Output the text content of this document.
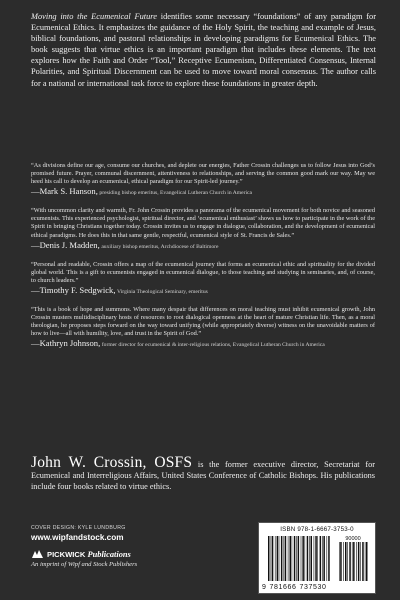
Moving into the Ecumenical Future identifies some necessary “foundations” of any paradigm for Ecumenical Ethics. It emphasizes the guidance of the Holy Spirit, the teaching and example of Jesus, biblical foundations, and pastoral relationships in developing paradigms for Ecumenical Ethics. The book suggests that virtue ethics is an important paradigm that includes these elements. The text explores how the Faith and Order “Tool,” Receptive Ecumenism, Differentiated Consensus, Internal Polarities, and Spiritual Discernment can be used to move toward moral consensus. The author calls for a national or international task force to explore these foundations in greater depth.

“As divisions define our age, consume our churches, and deplete our energies, Father Crossin challenges us to follow Jesus into God’s promised future. Prayer, communal discernment, attentiveness to relationships, and serving the common good mark our way. May we heed his call to develop an ecumenical, ethical paradigm for our Spirit-led journey.”

—Mark S. Hanson, presiding bishop emeritus, Evangelical Lutheran Church in America

“With uncommon clarity and warmth, Fr. John Crossin provides a panorama of the ecumenical movement for both novice and seasoned ecumenists. This experienced psychologist, spiritual director, and ‘ecumenical enthusiast’ shows us how to participate in the work of the Spirit in bringing Christians together today. Crossin invites us to engage in dialogue, collaboration, and the development of ecumenical ethical paradigms. He does this in that same gentle, respectful, ecumenical style of St. Francis de Sales.”

—Denis J. Madden, auxiliary bishop emeritus, Archdiocese of Baltimore

“Personal and readable, Crossin offers a map of the ecumenical journey that forms an ecumenical ethic and spirituality for the divided global world. This is a gift to ecumenists engaged in ecumenical dialogue, to those teaching and studying in seminaries, and, of course, to church leaders.”

—Timothy F. Sedgwick, Virginia Theological Seminary, emeritus

“This is a book of hope and summons. Where many despair that differences on moral teaching must inhibit ecumenical growth, John Crossin musters multidisciplinary hosts of resources to root dialogical openness at the heart of mature Christian life. Then, as a moral theologian, he proposes steps forward on the way toward unifying (while appropriately diverse) witness on the unavoidable matters of how to live—all with humility, love, and trust in the Spirit of God.”

—Kathryn Johnson, former director for ecumenical & inter-religious relations, Evangelical Lutheran Church in America

John W. Crossin, OSFS is the former executive director, Secretariat for Ecumenical and Interreligious Affairs, United States Conference of Catholic Bishops. His publications include four books related to virtue ethics.

COVER DESIGN: KYLE LUNDBURG
www.wipfandstock.com
PICKWICK
Publications
An imprint of Wipf and Stock Publishers
ISBN 978-1-6667-3753-0
9 781666 737530
90000
